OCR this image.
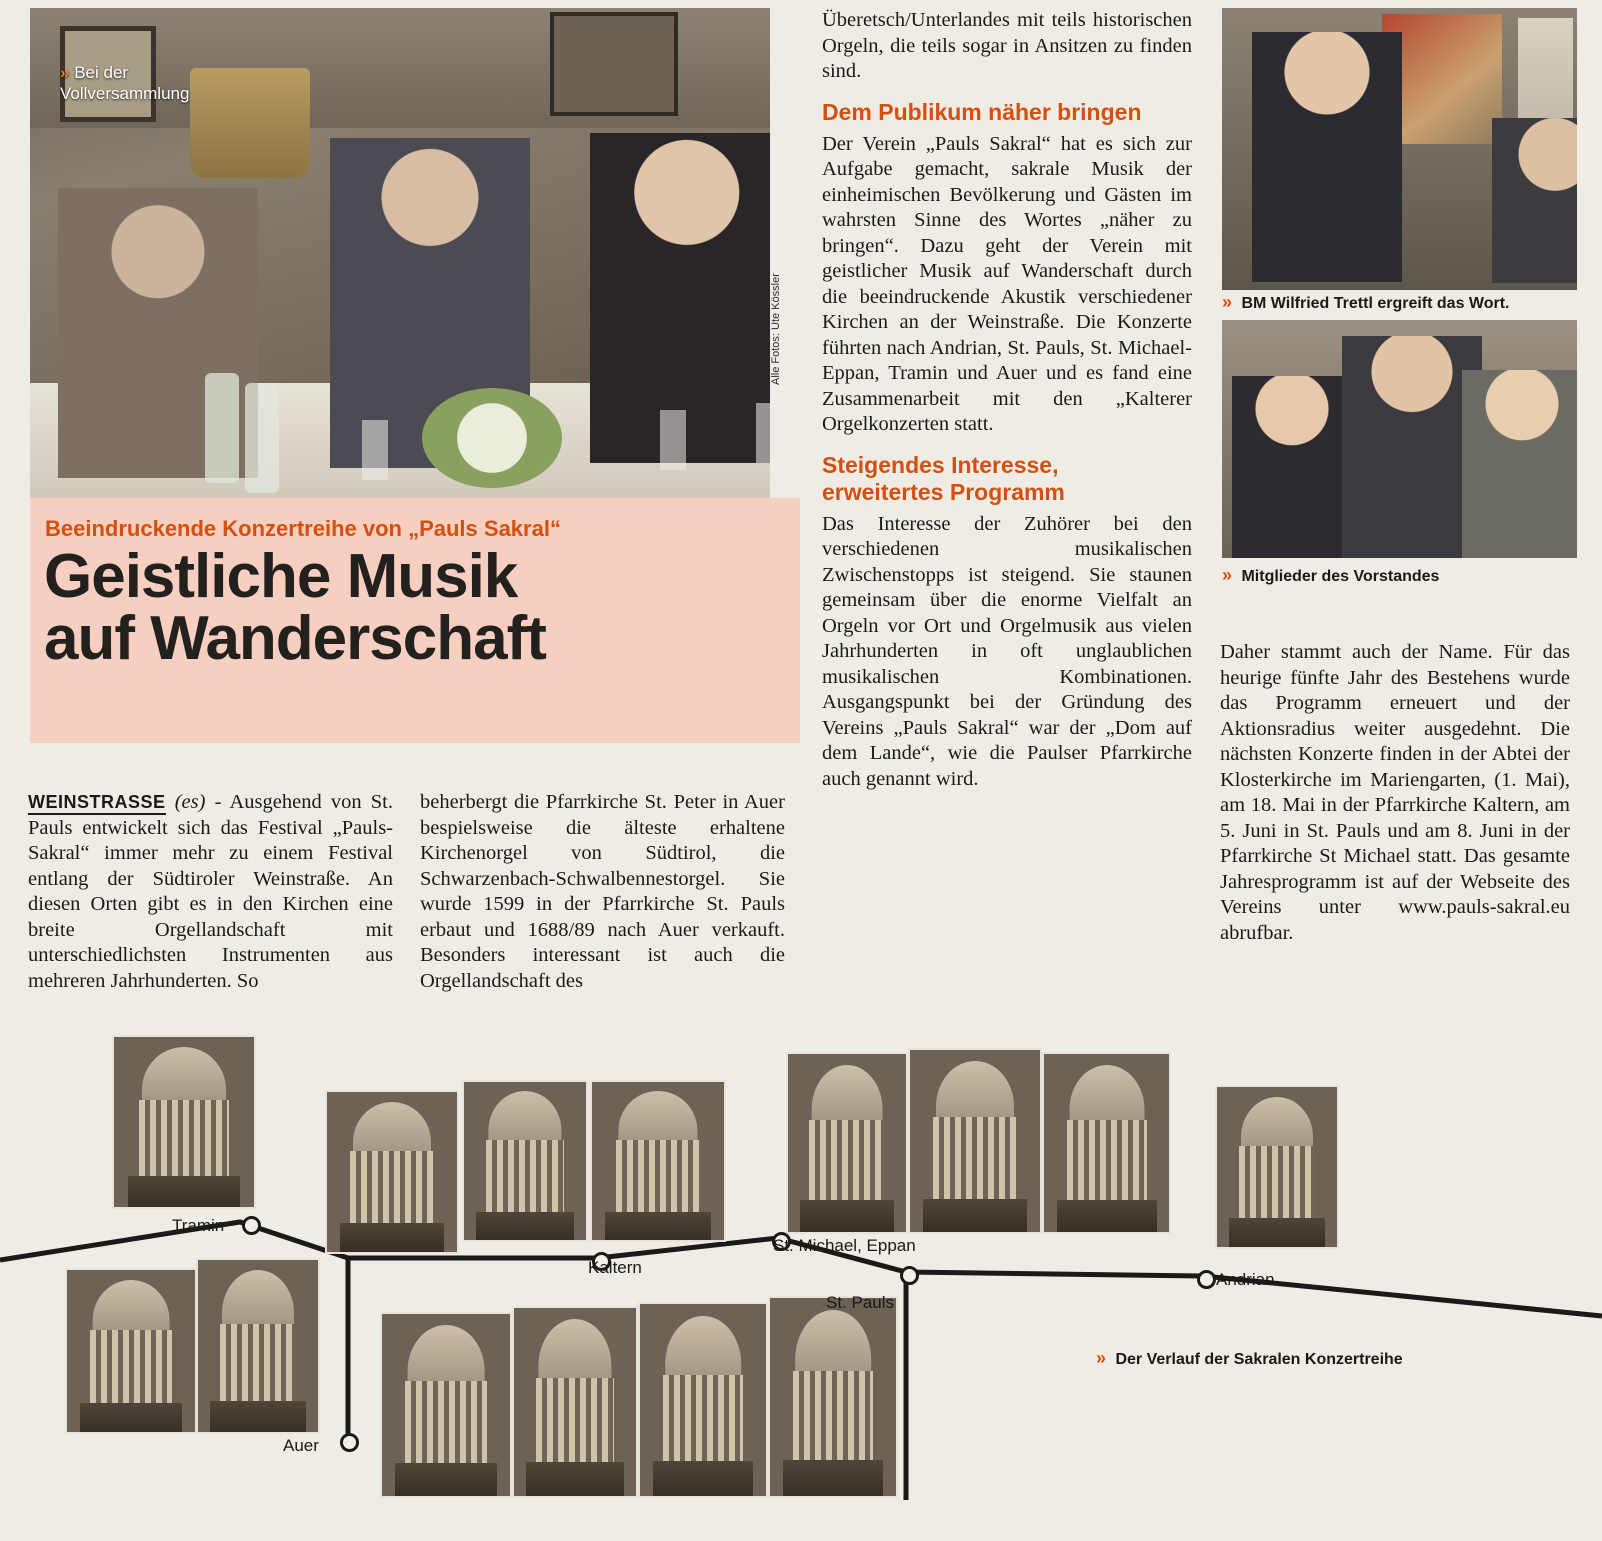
» Bei der
Vollversammlung
Alle Fotos: Ute Kössler
Beeindruckende Konzertreihe von „Pauls Sakral“
Geistliche Musik
auf Wanderschaft

WEINSTRASSE (es) - Ausgehend von St. Pauls entwickelt sich das Festival „Pauls-Sakral“ immer mehr zu einem Festival entlang der Südtiroler Weinstraße. An diesen Orten gibt es in den Kirchen eine breite Orgellandschaft mit unterschiedlichsten Instrumenten aus mehreren Jahrhunderten. So

beherbergt die Pfarrkirche St. Peter in Auer bespielsweise die älteste erhaltene Kirchenorgel von Südtirol, die Schwarzenbach-Schwalbennestorgel. Sie wurde 1599 in der Pfarrkirche St. Pauls erbaut und 1688/89 nach Auer verkauft. Besonders interessant ist auch die Orgellandschaft des

Überetsch/Unterlandes mit teils historischen Orgeln, die teils sogar in Ansitzen zu finden sind.

Dem Publikum näher bringen

Der Verein „Pauls Sakral“ hat es sich zur Aufgabe gemacht, sakrale Musik der einheimischen Bevölkerung und Gästen im wahrsten Sinne des Wortes „näher zu bringen“. Dazu geht der Verein mit geistlicher Musik auf Wanderschaft durch die beeindruckende Akustik verschiedener Kirchen an der Weinstraße. Die Konzerte führten nach Andrian, St. Pauls, St. Michael-Eppan, Tramin und Auer und es fand eine Zusammenarbeit mit den „Kalterer Orgelkonzerten statt.

Steigendes Interesse,
erweitertes Programm

Das Interesse der Zuhörer bei den verschiedenen musikalischen Zwischenstopps ist steigend. Sie staunen gemeinsam über die enorme Vielfalt an Orgeln vor Ort und Orgelmusik aus vielen Jahrhunderten in oft unglaublichen musikalischen Kombinationen. Ausgangspunkt bei der Gründung des Vereins „Pauls Sakral“ war der „Dom auf dem Lande“, wie die Paulser Pfarrkirche auch genannt wird.

Daher stammt auch der Name. Für das heurige fünfte Jahr des Bestehens wurde das Programm erneuert und der Aktionsradius weiter ausgedehnt. Die nächsten Konzerte finden in der Abtei der Klosterkirche im Mariengarten, (1. Mai), am 18. Mai in der Pfarrkirche Kaltern, am 5. Juni in St. Pauls und am 8. Juni in der Pfarrkirche St Michael statt. Das gesamte Jahresprogramm ist auf der Webseite des Vereins unter www.pauls-sakral.eu abrufbar.

» BM Wilfried Trettl ergreift das Wort.
» Mitglieder des Vorstandes
Tramin
Kaltern
St. Michael, Eppan
St. Pauls
Andrian
Auer
» Der Verlauf der Sakralen Konzertreihe
